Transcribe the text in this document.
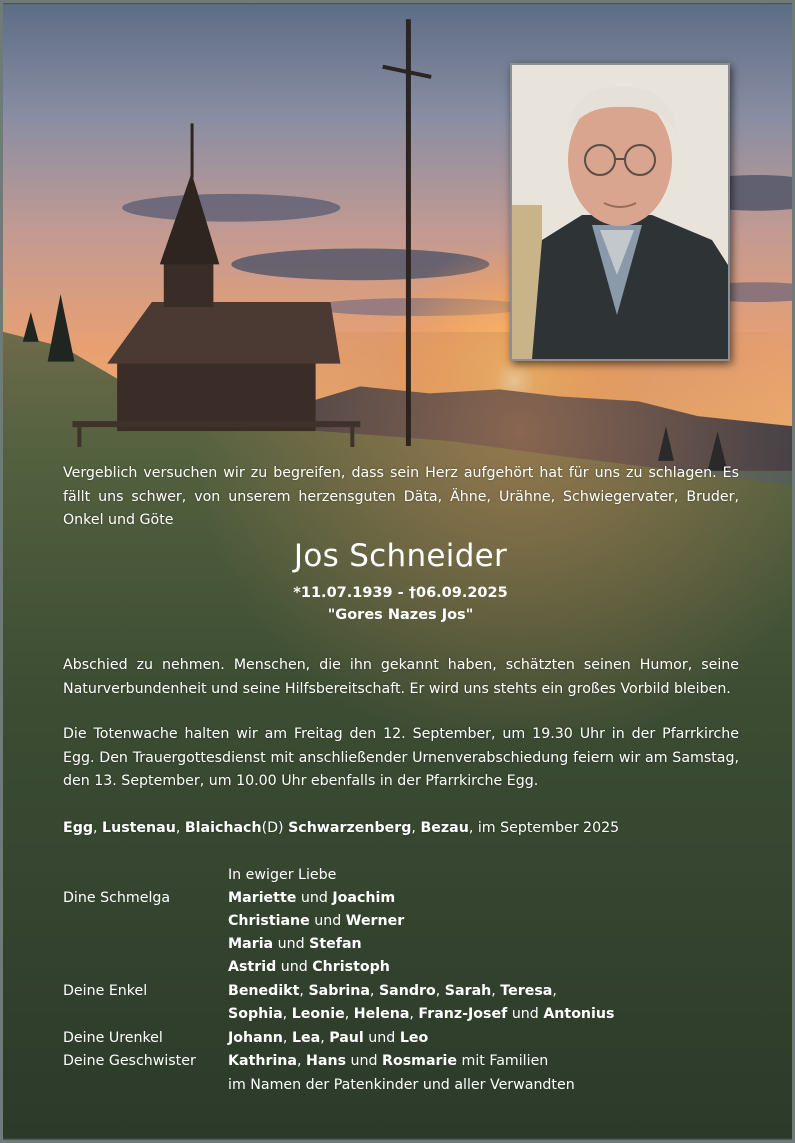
Vergeblich versuchen wir zu begreifen, dass sein Herz aufgehört hat für uns zu schlagen. Es fällt uns schwer, von unserem herzensguten Däta, Ähne, Urähne, Schwiegervater, Bruder, Onkel und Göte
Jos Schneider
*11.07.1939 - †06.09.2025
"Gores Nazes Jos"
Abschied zu nehmen. Menschen, die ihn gekannt haben, schätzten seinen Humor, seine Naturverbundenheit und seine Hilfsbereitschaft. Er wird uns stehts ein großes Vorbild bleiben.
Die Totenwache halten wir am Freitag den 12. September, um 19.30 Uhr in der Pfarrkirche Egg. Den Trauergottesdienst mit anschließender Urnenverabschiedung feiern wir am Samstag, den 13. September, um 10.00 Uhr ebenfalls in der Pfarrkirche Egg.
Egg, Lustenau, Blaichach(D) Schwarzenberg, Bezau, im September 2025
In ewiger Liebe
Dine Schmelga	Mariette und Joachim
Christiane und Werner
Maria und Stefan
Astrid und Christoph
Deine Enkel	Benedikt, Sabrina, Sandro, Sarah, Teresa,
Sophia, Leonie, Helena, Franz-Josef und Antonius
Deine Urenkel	Johann, Lea, Paul und Leo
Deine Geschwister	Kathrina, Hans und Rosmarie mit Familien
im Namen der Patenkinder und aller Verwandten
